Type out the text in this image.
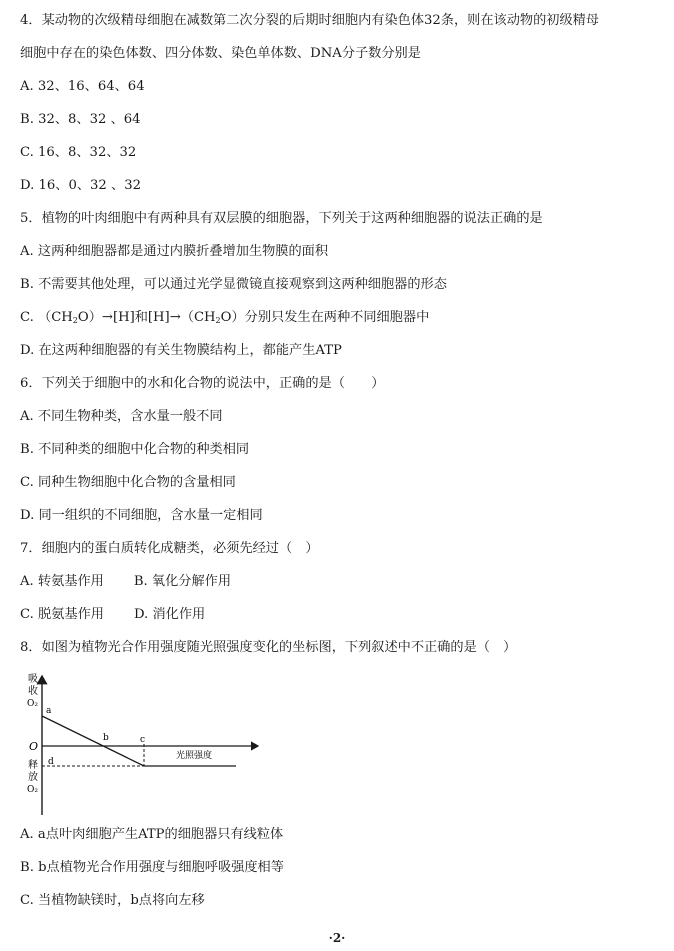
4．某动物的次级精母细胞在减数第二次分裂的后期时细胞内有染色体32条，则在该动物的初级精母
细胞中存在的染色体数、四分体数、染色单体数、DNA分子数分别是
A. 32、16、64、64
B. 32、8、32 、64
C. 16、8、32、32
D. 16、0、32 、32
5．植物的叶肉细胞中有两种具有双层膜的细胞器，下列关于这两种细胞器的说法正确的是
A. 这两种细胞器都是通过内膜折叠增加生物膜的面积
B. 不需要其他处理，可以通过光学显微镜直接观察到这两种细胞器的形态
C. $(CH_2O)\to[H]$和$[H]\to(CH_2O)$分别只发生在两种不同细胞器中
D. 在这两种细胞器的有关生物膜结构上，都能产生ATP
6．下列关于细胞中的水和化合物的说法中，正确的是（　　）
A. 不同生物种类，含水量一般不同
B. 不同种类的细胞中化合物的种类相同
C. 同种生物细胞中化合物的含量相同
D. 同一组织的不同细胞，含水量一定相同
7．细胞内的蛋白质转化成糖类，必须先经过（　）
A. 转氨基作用 B. 氧化分解作用
C. 脱氨基作用 D. 消化作用
8．如图为植物光合作用强度随光照强度变化的坐标图，下列叙述中不正确的是（　）
吸
收
O₂
O
释
放
O₂
a
b	c
d
光照强度
A. a点叶肉细胞产生ATP的细胞器只有线粒体
B. b点植物光合作用强度与细胞呼吸强度相等
C. 当植物缺镁时，b点将向左移
·2·
